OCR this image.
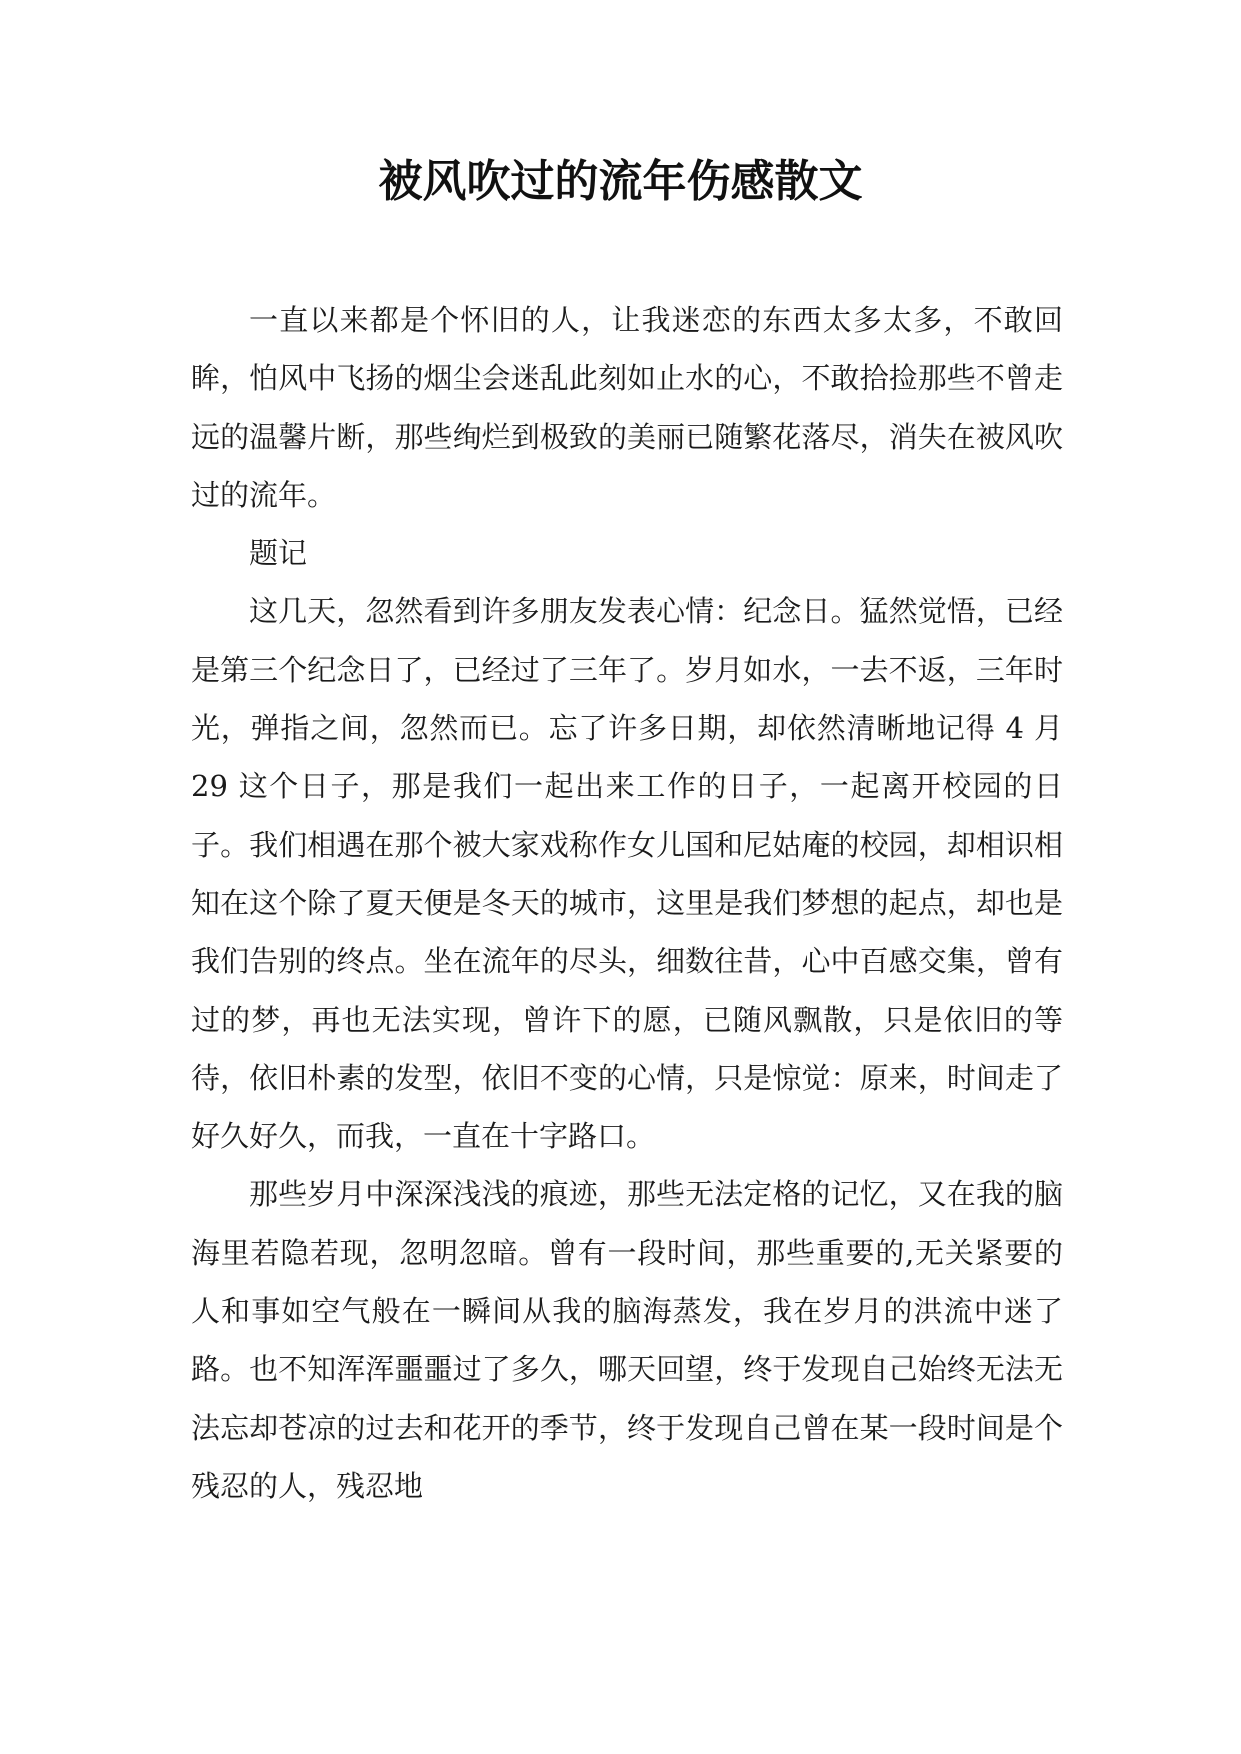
被风吹过的流年伤感散文

一直以来都是个怀旧的人，让我迷恋的东西太多太多，不敢回眸，怕风中飞扬的烟尘会迷乱此刻如止水的心，不敢拾捡那些不曾走远的温馨片断，那些绚烂到极致的美丽已随繁花落尽，消失在被风吹过的流年。

题记

这几天，忽然看到许多朋友发表心情：纪念日。猛然觉悟，已经是第三个纪念日了，已经过了三年了。岁月如水，一去不返，三年时光，弹指之间，忽然而已。忘了许多日期，却依然清晰地记得 4 月 29 这个日子，那是我们一起出来工作的日子，一起离开校园的日子。我们相遇在那个被大家戏称作女儿国和尼姑庵的校园，却相识相知在这个除了夏天便是冬天的城市，这里是我们梦想的起点，却也是我们告别的终点。坐在流年的尽头，细数往昔，心中百感交集，曾有过的梦，再也无法实现，曾许下的愿，已随风飘散，只是依旧的等待，依旧朴素的发型，依旧不变的心情，只是惊觉：原来，时间走了好久好久，而我，一直在十字路口。

那些岁月中深深浅浅的痕迹，那些无法定格的记忆，又在我的脑海里若隐若现，忽明忽暗。曾有一段时间，那些重要的,无关紧要的人和事如空气般在一瞬间从我的脑海蒸发，我在岁月的洪流中迷了路。也不知浑浑噩噩过了多久，哪天回望，终于发现自己始终无法无法忘却苍凉的过去和花开的季节，终于发现自己曾在某一段时间是个残忍的人，残忍地
